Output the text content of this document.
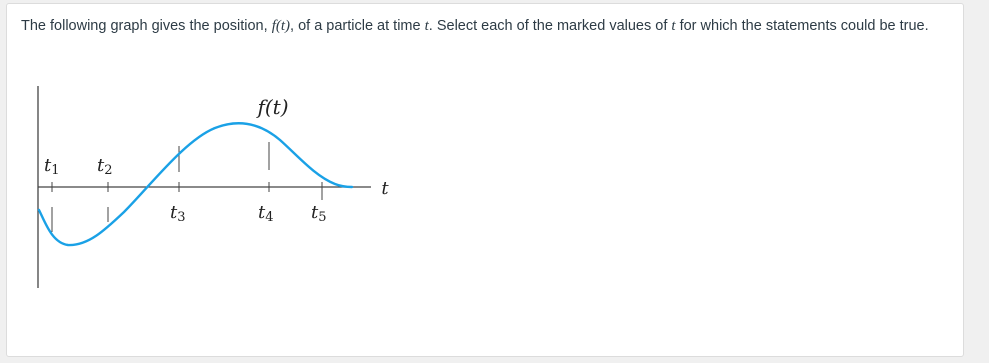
The following graph gives the position, f(t), of a particle at time t. Select each of the marked values of t for which the statements could be true.
f(t)
t
t1 t2
t3	t4 t5
